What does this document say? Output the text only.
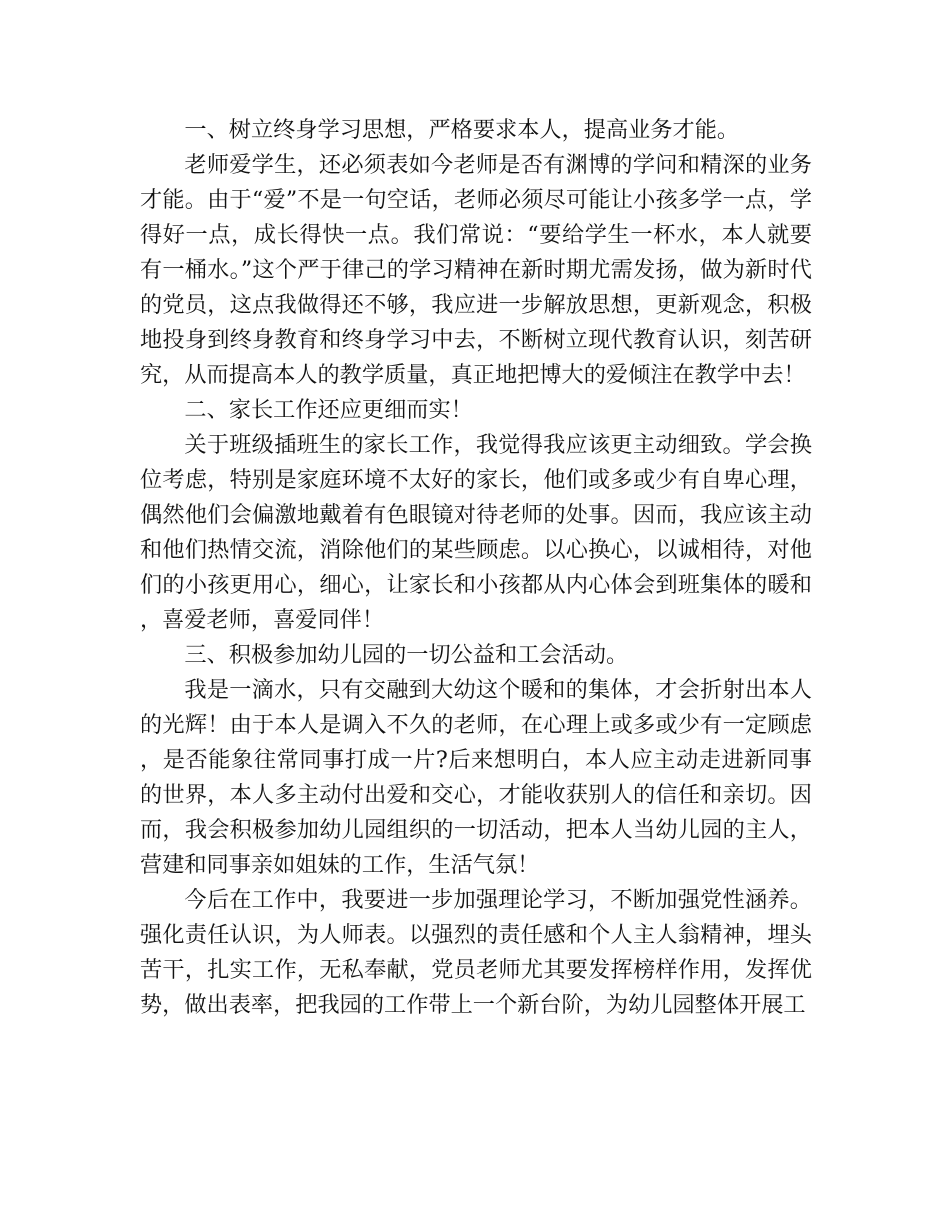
一、树立终身学习思想，严格要求本人，提高业务才能。

老师爱学生，还必须表如今老师是否有渊博的学问和精深的业务才能。由于“爱”不是一句空话，老师必须尽可能让小孩多学一点，学得好一点，成长得快一点。我们常说：“要给学生一杯水，本人就要有一桶水。”这个严于律己的学习精神在新时期尤需发扬，做为新时代的党员，这点我做得还不够，我应进一步解放思想，更新观念，积极地投身到终身教育和终身学习中去，不断树立现代教育认识，刻苦研究，从而提高本人的教学质量，真正地把博大的爱倾注在教学中去！

二、家长工作还应更细而实！

关于班级插班生的家长工作，我觉得我应该更主动细致。学会换位考虑，特别是家庭环境不太好的家长，他们或多或少有自卑心理，偶然他们会偏激地戴着有色眼镜对待老师的处事。因而，我应该主动和他们热情交流，消除他们的某些顾虑。以心换心，以诚相待，对他们的小孩更用心，细心，让家长和小孩都从内心体会到班集体的暖和，喜爱老师，喜爱同伴！

三、积极参加幼儿园的一切公益和工会活动。

我是一滴水，只有交融到大幼这个暖和的集体，才会折射出本人的光辉！由于本人是调入不久的老师，在心理上或多或少有一定顾虑，是否能象往常同事打成一片?后来想明白，本人应主动走进新同事的世界，本人多主动付出爱和交心，才能收获别人的信任和亲切。因而，我会积极参加幼儿园组织的一切活动，把本人当幼儿园的主人，营建和同事亲如姐妹的工作，生活气氛！

今后在工作中，我要进一步加强理论学习，不断加强党性涵养。强化责任认识，为人师表。以强烈的责任感和个人主人翁精神，埋头苦干，扎实工作，无私奉献，党员老师尤其要发挥榜样作用，发挥优势，做出表率，把我园的工作带上一个新台阶，为幼儿园整体开展工
